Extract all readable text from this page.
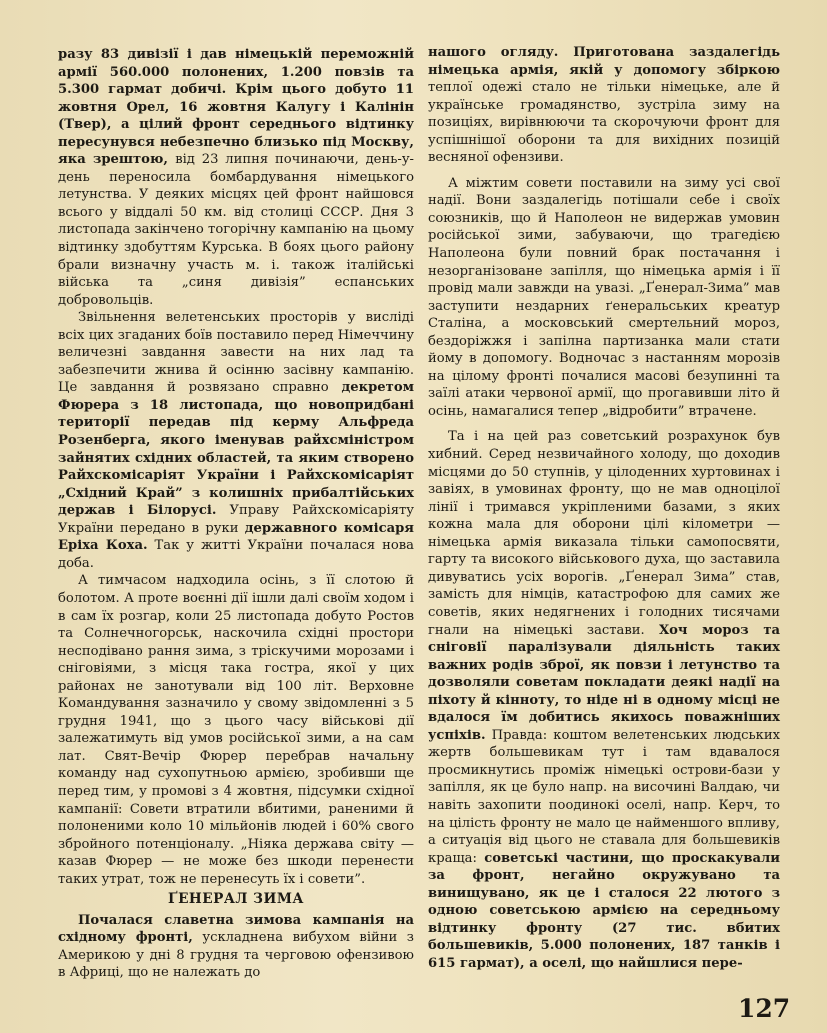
разу 83 дивізії і дав німецькій переможній армії 560.000 полонених, 1.200 повзів та 5.300 гармат добичі. Крім цього добуто 11 жовтня Орел, 16 жовтня Калугу і Калінін (Твер), а цілий фронт середнього відтинку пересунувся небезпечно близько під Москву, яка зрештою, від 23 липня починаючи, день-у-день переносила бомбардування німецького летунства. У деяких місцях цей фронт найшовся всього у віддалі 50 км. від столиці СССР. Дня 3 листопада закінчено тогорічну кампанію на цьому відтинку здобуттям Курська. В боях цього району брали визначну участь м. і. також італійські війська та „синя дивізія” еспанських добровольців.

Звільнення велетенських просторів у висліді всіх цих згаданих боїв поставило перед Німеччину величезні завдання завести на них лад та забезпечити жнива й осінню засівну кампанію. Це завдання й розвязано справно декретом Фюрера з 18 листопада, що новопридбані території передав під керму Альфреда Розенберга, якого іменував райхсміністром зайнятих східних областей, та яким створено Райхскомісаріят України і Райхскомісаріят „Східний Край” з колишніх прибалтійських держав і Білорусі. Управу Райхскомісаріяту України передано в руки державного комісаря Еріха Коха. Так у житті України почалася нова доба.

А тимчасом надходила осінь, з її слотою й болотом. А проте воєнні дії ішли далі своїм ходом і в сам їх розгар, коли 25 листопада добуто Ростов та Солнечногорськ, наскочила східні простори несподівано рання зима, з тріскучими морозами і сніговіями, з місця така гостра, якої у цих районах не занотували від 100 літ. Верховне Командування зазначило у свому звідомленні з 5 грудня 1941, що з цього часу військові дії залежатимуть від умов російської зими, а на сам лат. Свят-Вечір Фюрер перебрав начальну команду над сухопутньою армією, зробивши ще перед тим, у промові з 4 жовтня, підсумки східної кампанії: Совети втратили вбитими, раненими й полоненими коло 10 мільйонів людей і 60% свого збройного потенціоналу. „Ніяка держава світу — казав Фюрер — не може без шкоди перенести таких утрат, тож не перенесуть їх і совети”.

ҐЕНЕРАЛ ЗИМА

Почалася славетна зимова кампанія на східному фронті, ускладнена вибухом війни з Америкою у дні 8 грудня та черговою офензивою в Африці, що не належать до

нашого огляду. Приготована заздалегідь німецька армія, якій у допомогу збіркою теплої одежі стало не тільки німецьке, але й українське громадянство, зустріла зиму на позиціях, вирівнюючи та скорочуючи фронт для успішнішої оборони та для вихідних позицій весняної офензиви.

А міжтим совети поставили на зиму усі свої надії. Вони заздалегідь потішали себе і своїх союзників, що й Наполеон не видержав умовин російської зими, забуваючи, що трагедією Наполеона були повний брак постачання і незорганізоване запілля, що німецька армія і її провід мали завжди на увазі. „Ґенерал-Зима” мав заступити нездарних ґенеральських креатур Сталіна, а московський смертельний мороз, бездоріжжя і запілна партизанка мали стати йому в допомогу. Водночас з настанням морозів на цілому фронті почалися масові безупинні та заїлі атаки червоної армії, що прогавивши літо й осінь, намагалися тепер „відробити” втрачене.

Та і на цей раз советський розрахунок був хибний. Серед незвичайного холоду, що доходив місцями до 50 ступнів, у цілоденних хуртовинах і завіях, в умовинах фронту, що не мав одноцілої лінії і тримався укріпленими базами, з яких кожна мала для оборони цілі кілометри — німецька армія виказала тільки самопосвяти, гарту та високого військового духа, що заставила дивуватись усіх ворогів. „Ґенерал Зима” став, замість для німців, катастрофою для самих же советів, яких недягнених і голодних тисячами гнали на німецькі застави. Хоч мороз та сніговії паралізували діяльність таких важних родів зброї, як повзи і летунство та дозволяли советам покладати деякі надії на піхоту й кінноту, то ніде ні в одному місці не вдалося їм добитись якихось поважніших успіхів. Правда: коштом велетенських людських жертв большевикам тут і там вдавалося просмикнутись проміж німецькі острови-бази у запілля, як це було напр. на височині Валдаю, чи навіть захопити поодинокі оселі, напр. Керч, то на цілість фронту не мало це найменшого впливу, а ситуація від цього не ставала для большевиків краща: советські частини, що проскакували за фронт, негайно окружувано та винищувано, як це і сталося 22 лютого з одною советською армією на середньому відтинку фронту (27 тис. вбитих большевиків, 5.000 полонених, 187 танків і 615 гармат), а оселі, що найшлися пере-

127
